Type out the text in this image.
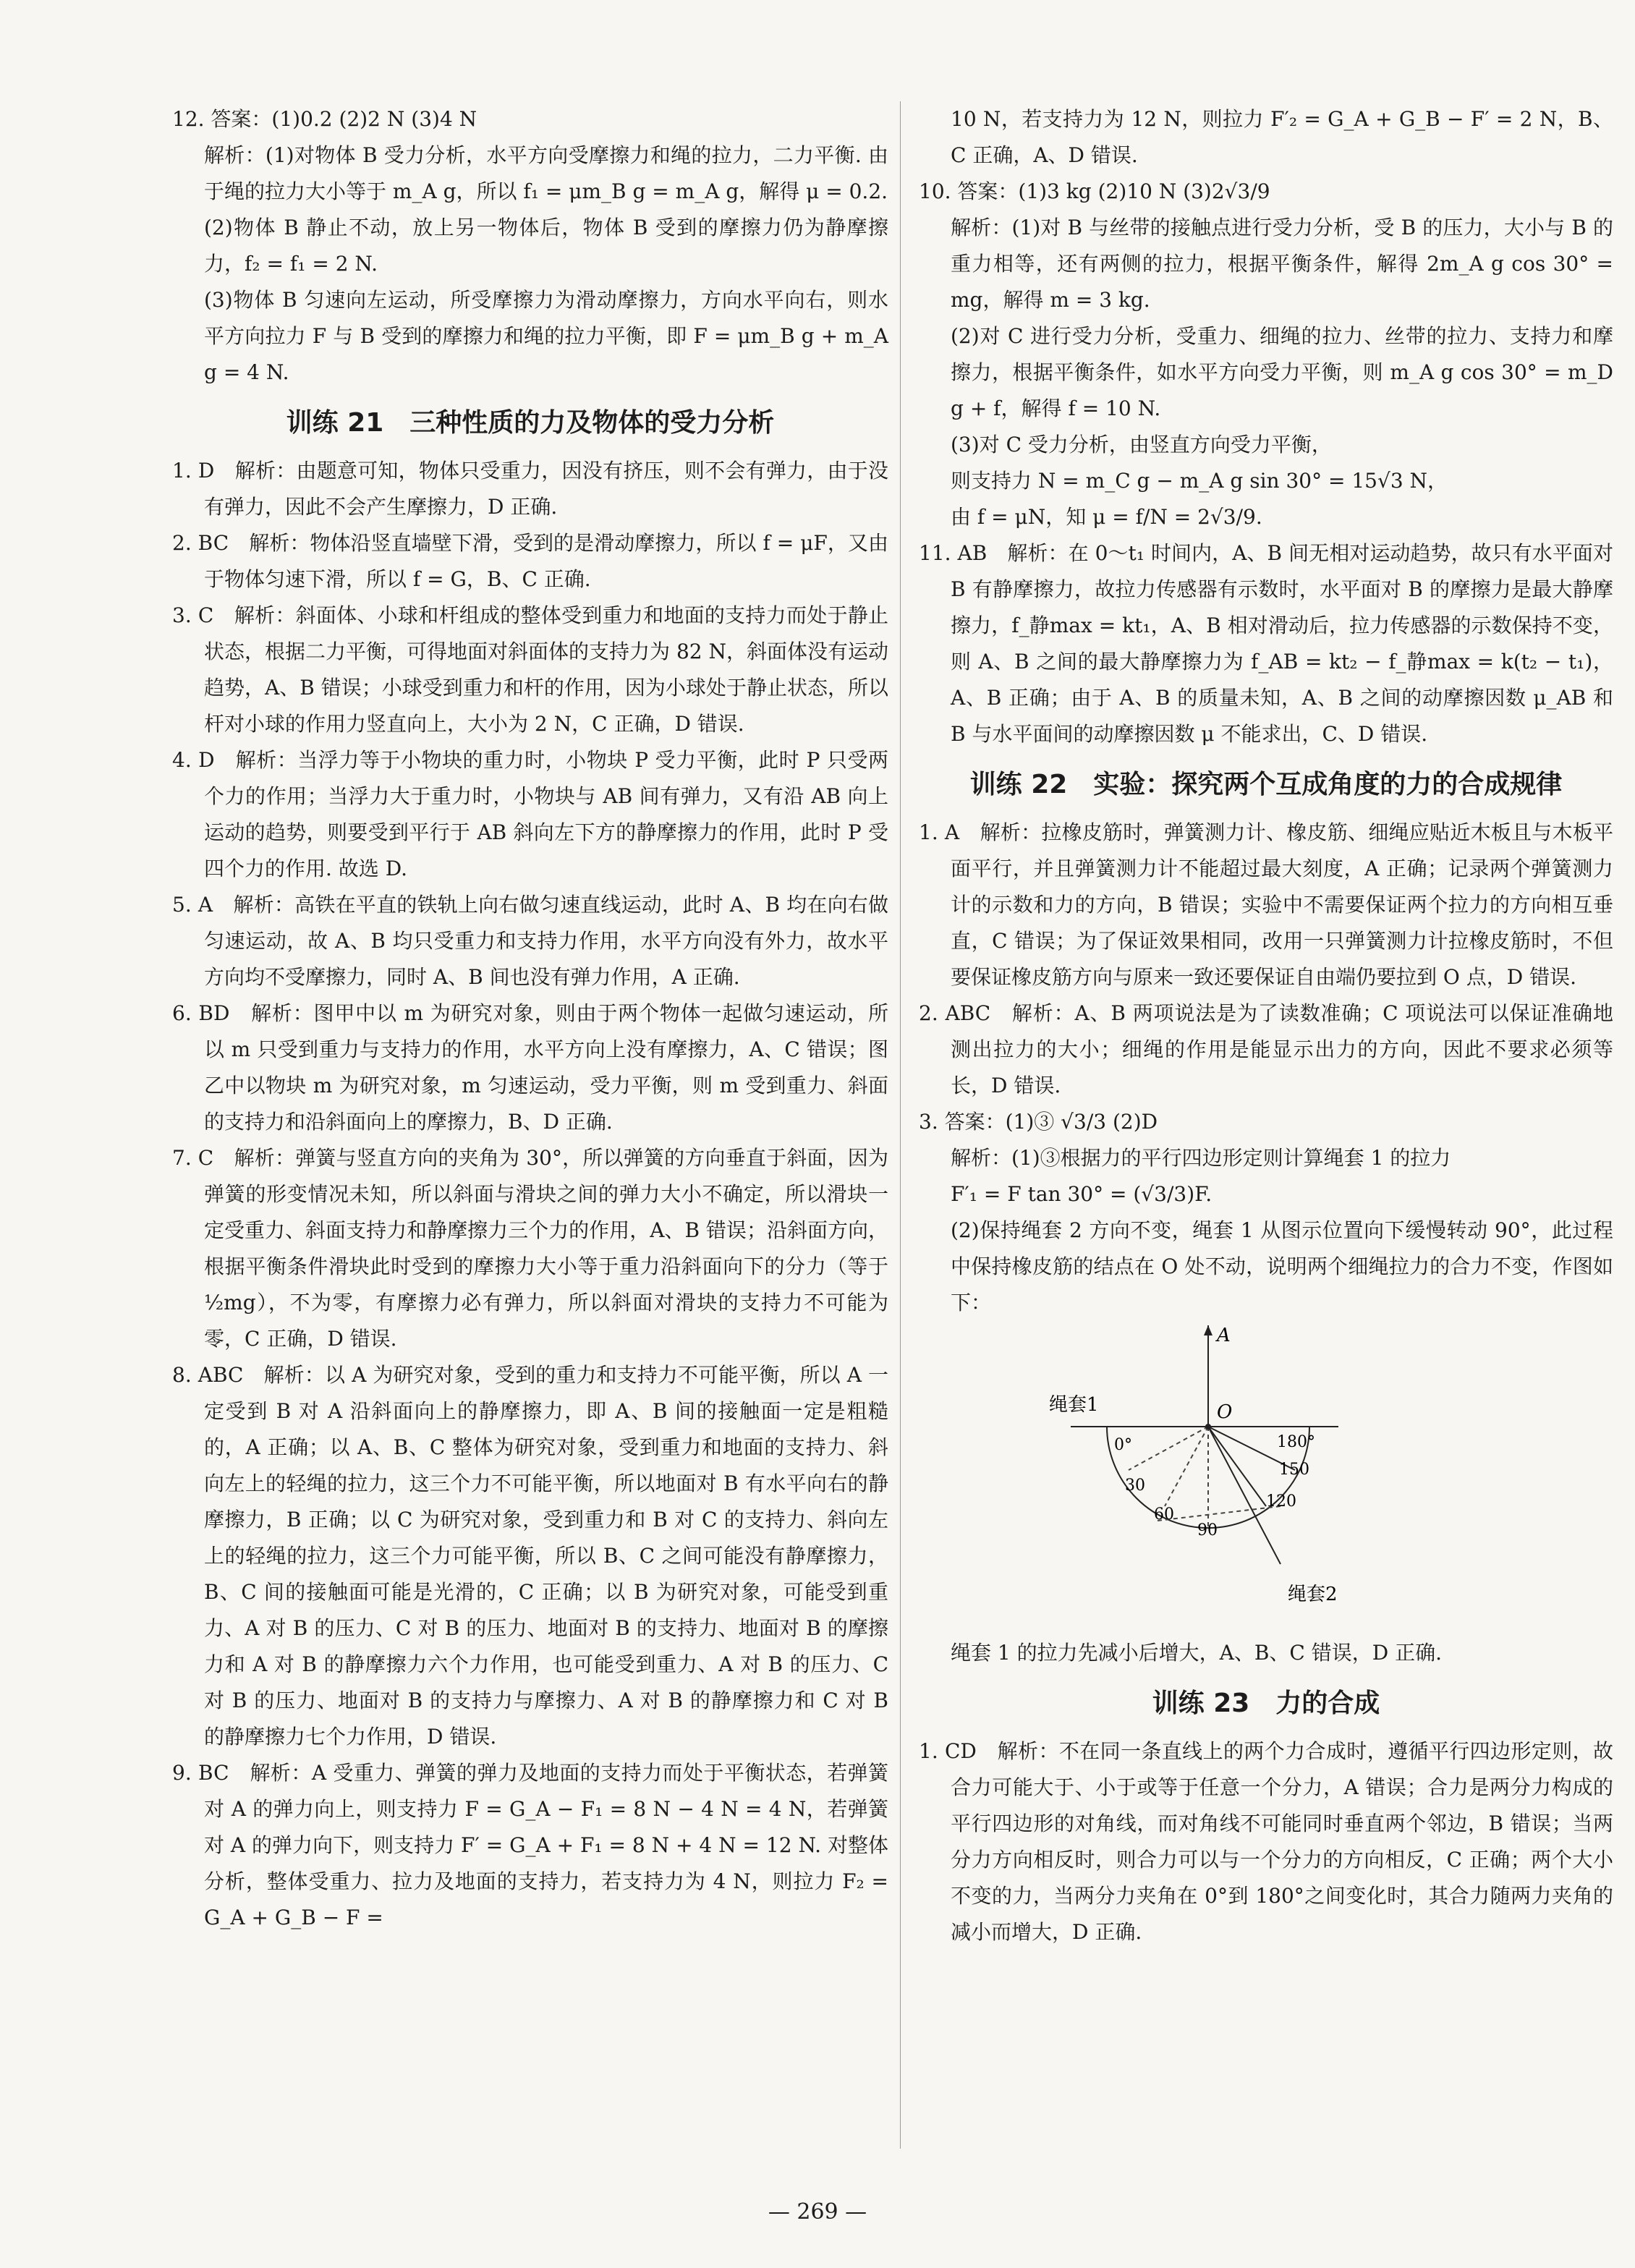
12. 答案：(1)0.2 (2)2 N (3)4 N

解析：(1)对物体 B 受力分析，水平方向受摩擦力和绳的拉力，二力平衡. 由于绳的拉力大小等于 m_A g，所以 f₁ = μm_B g = m_A g，解得 μ = 0.2.

(2)物体 B 静止不动，放上另一物体后，物体 B 受到的摩擦力仍为静摩擦力，f₂ = f₁ = 2 N.

(3)物体 B 匀速向左运动，所受摩擦力为滑动摩擦力，方向水平向右，则水平方向拉力 F 与 B 受到的摩擦力和绳的拉力平衡，即 F = μm_B g + m_A g = 4 N.

训练 21　三种性质的力及物体的受力分析

1. D　解析：由题意可知，物体只受重力，因没有挤压，则不会有弹力，由于没有弹力，因此不会产生摩擦力，D 正确.

2. BC　解析：物体沿竖直墙壁下滑，受到的是滑动摩擦力，所以 f = μF，又由于物体匀速下滑，所以 f = G，B、C 正确.

3. C　解析：斜面体、小球和杆组成的整体受到重力和地面的支持力而处于静止状态，根据二力平衡，可得地面对斜面体的支持力为 82 N，斜面体没有运动趋势，A、B 错误；小球受到重力和杆的作用，因为小球处于静止状态，所以杆对小球的作用力竖直向上，大小为 2 N，C 正确，D 错误.

4. D　解析：当浮力等于小物块的重力时，小物块 P 受力平衡，此时 P 只受两个力的作用；当浮力大于重力时，小物块与 AB 间有弹力，又有沿 AB 向上运动的趋势，则要受到平行于 AB 斜向左下方的静摩擦力的作用，此时 P 受四个力的作用. 故选 D.

5. A　解析：高铁在平直的铁轨上向右做匀速直线运动，此时 A、B 均在向右做匀速运动，故 A、B 均只受重力和支持力作用，水平方向没有外力，故水平方向均不受摩擦力，同时 A、B 间也没有弹力作用，A 正确.

6. BD　解析：图甲中以 m 为研究对象，则由于两个物体一起做匀速运动，所以 m 只受到重力与支持力的作用，水平方向上没有摩擦力，A、C 错误；图乙中以物块 m 为研究对象，m 匀速运动，受力平衡，则 m 受到重力、斜面的支持力和沿斜面向上的摩擦力，B、D 正确.

7. C　解析：弹簧与竖直方向的夹角为 30°，所以弹簧的方向垂直于斜面，因为弹簧的形变情况未知，所以斜面与滑块之间的弹力大小不确定，所以滑块一定受重力、斜面支持力和静摩擦力三个力的作用，A、B 错误；沿斜面方向，根据平衡条件滑块此时受到的摩擦力大小等于重力沿斜面向下的分力（等于 ½mg），不为零，有摩擦力必有弹力，所以斜面对滑块的支持力不可能为零，C 正确，D 错误.

8. ABC　解析：以 A 为研究对象，受到的重力和支持力不可能平衡，所以 A 一定受到 B 对 A 沿斜面向上的静摩擦力，即 A、B 间的接触面一定是粗糙的，A 正确；以 A、B、C 整体为研究对象，受到重力和地面的支持力、斜向左上的轻绳的拉力，这三个力不可能平衡，所以地面对 B 有水平向右的静摩擦力，B 正确；以 C 为研究对象，受到重力和 B 对 C 的支持力、斜向左上的轻绳的拉力，这三个力可能平衡，所以 B、C 之间可能没有静摩擦力，B、C 间的接触面可能是光滑的，C 正确；以 B 为研究对象，可能受到重力、A 对 B 的压力、C 对 B 的压力、地面对 B 的支持力、地面对 B 的摩擦力和 A 对 B 的静摩擦力六个力作用，也可能受到重力、A 对 B 的压力、C 对 B 的压力、地面对 B 的支持力与摩擦力、A 对 B 的静摩擦力和 C 对 B 的静摩擦力七个力作用，D 错误.

9. BC　解析：A 受重力、弹簧的弹力及地面的支持力而处于平衡状态，若弹簧对 A 的弹力向上，则支持力 F = G_A − F₁ = 8 N − 4 N = 4 N，若弹簧对 A 的弹力向下，则支持力 F′ = G_A + F₁ = 8 N + 4 N = 12 N. 对整体分析，整体受重力、拉力及地面的支持力，若支持力为 4 N，则拉力 F₂ = G_A + G_B − F =

10 N，若支持力为 12 N，则拉力 F′₂ = G_A + G_B − F′ = 2 N，B、C 正确，A、D 错误.

10. 答案：(1)3 kg (2)10 N (3)2√3/9

解析：(1)对 B 与丝带的接触点进行受力分析，受 B 的压力，大小与 B 的重力相等，还有两侧的拉力，根据平衡条件，解得 2m_A g cos 30° = mg，解得 m = 3 kg.

(2)对 C 进行受力分析，受重力、细绳的拉力、丝带的拉力、支持力和摩擦力，根据平衡条件，如水平方向受力平衡，则 m_A g cos 30° = m_D g + f，解得 f = 10 N.

(3)对 C 受力分析，由竖直方向受力平衡，

则支持力 N = m_C g − m_A g sin 30° = 15√3 N，

由 f = μN，知 μ = f/N = 2√3/9.

11. AB　解析：在 0～t₁ 时间内，A、B 间无相对运动趋势，故只有水平面对 B 有静摩擦力，故拉力传感器有示数时，水平面对 B 的摩擦力是最大静摩擦力，f_静max = kt₁，A、B 相对滑动后，拉力传感器的示数保持不变，则 A、B 之间的最大静摩擦力为 f_AB = kt₂ − f_静max = k(t₂ − t₁)，A、B 正确；由于 A、B 的质量未知，A、B 之间的动摩擦因数 μ_AB 和 B 与水平面间的动摩擦因数 μ 不能求出，C、D 错误.

训练 22　实验：探究两个互成角度的力的合成规律

1. A　解析：拉橡皮筋时，弹簧测力计、橡皮筋、细绳应贴近木板且与木板平面平行，并且弹簧测力计不能超过最大刻度，A 正确；记录两个弹簧测力计的示数和力的方向，B 错误；实验中不需要保证两个拉力的方向相互垂直，C 错误；为了保证效果相同，改用一只弹簧测力计拉橡皮筋时，不但要保证橡皮筋方向与原来一致还要保证自由端仍要拉到 O 点，D 错误.

2. ABC　解析：A、B 两项说法是为了读数准确；C 项说法可以保证准确地测出拉力的大小；细绳的作用是能显示出力的方向，因此不要求必须等长，D 错误.

3. 答案：(1)③ √3/3 (2)D

解析：(1)③根据力的平行四边形定则计算绳套 1 的拉力

F′₁ = F tan 30° = (√3/3)F.

(2)保持绳套 2 方向不变，绳套 1 从图示位置向下缓慢转动 90°，此过程中保持橡皮筋的结点在 O 处不动，说明两个细绳拉力的合力不变，作图如下：

A
O
绳套1
绳套2
0°
30
60
90
120
150
180°

绳套 1 的拉力先减小后增大，A、B、C 错误，D 正确.

训练 23　力的合成

1. CD　解析：不在同一条直线上的两个力合成时，遵循平行四边形定则，故合力可能大于、小于或等于任意一个分力，A 错误；合力是两分力构成的平行四边形的对角线，而对角线不可能同时垂直两个邻边，B 错误；当两分力方向相反时，则合力可以与一个分力的方向相反，C 正确；两个大小不变的力，当两分力夹角在 0°到 180°之间变化时，其合力随两力夹角的减小而增大，D 正确.

— 269 —
